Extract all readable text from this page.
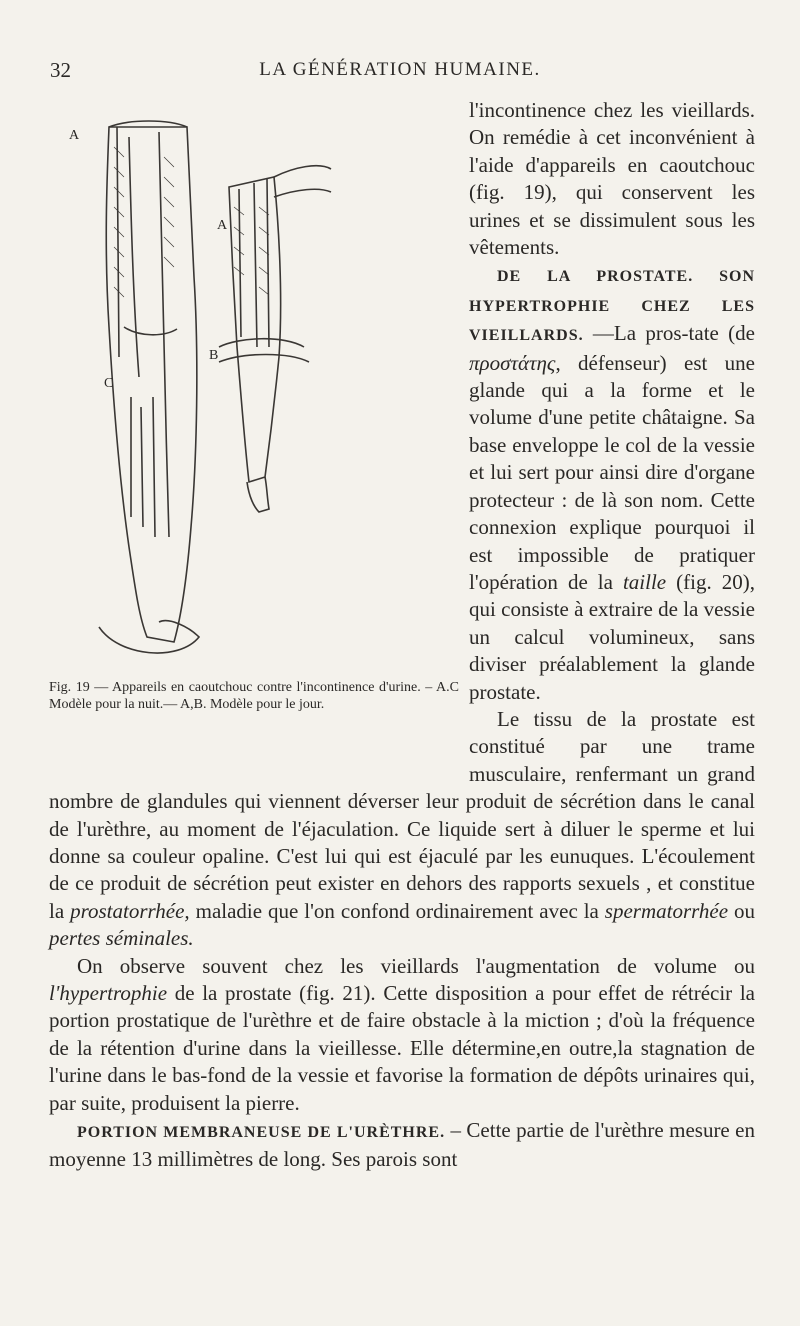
32	LA GÉNÉRATION HUMAINE.
A
A
B
C
Fig. 19 — Appareils en caoutchouc contre l'incontinence d'urine. – A.C Modèle pour la nuit.— A,B. Modèle pour le jour.

l'incontinence chez les vieillards. On remédie à cet inconvénient à l'aide d'appareils en caoutchouc (fig. 19), qui conservent les urines et se dissimulent sous les vêtements.

DE LA PROSTATE. SON HYPERTROPHIE CHEZ LES VIEILLARDS. —La pros-tate (de προστάτης, défenseur) est une glande qui a la forme et le volume d'une petite châtaigne. Sa base enveloppe le col de la vessie et lui sert pour ainsi dire d'organe protecteur : de là son nom. Cette connexion explique pourquoi il est impossible de pratiquer l'opération de la taille (fig. 20), qui consiste à extraire de la vessie un calcul volumineux, sans diviser préalablement la glande prostate.

Le tissu de la prostate est constitué par une trame musculaire, renfermant un grand nombre de glandules qui viennent déverser leur produit de sécrétion dans le canal de l'urèthre, au moment de l'éjaculation. Ce liquide sert à diluer le sperme et lui donne sa couleur opaline. C'est lui qui est éjaculé par les eunuques. L'écoulement de ce produit de sécrétion peut exister en dehors des rapports sexuels , et constitue la prostatorrhée, maladie que l'on confond ordinairement avec la spermatorrhée ou pertes séminales.

On observe souvent chez les vieillards l'augmentation de volume ou l'hypertrophie de la prostate (fig. 21). Cette disposition a pour effet de rétrécir la portion prostatique de l'urèthre et de faire obstacle à la miction ; d'où la fréquence de la rétention d'urine dans la vieillesse. Elle détermine,en outre,la stagnation de l'urine dans le bas-fond de la vessie et favorise la formation de dépôts urinaires qui, par suite, produisent la pierre.

PORTION MEMBRANEUSE DE L'URÈTHRE. – Cette partie de l'urèthre mesure en moyenne 13 millimètres de long. Ses parois sont
